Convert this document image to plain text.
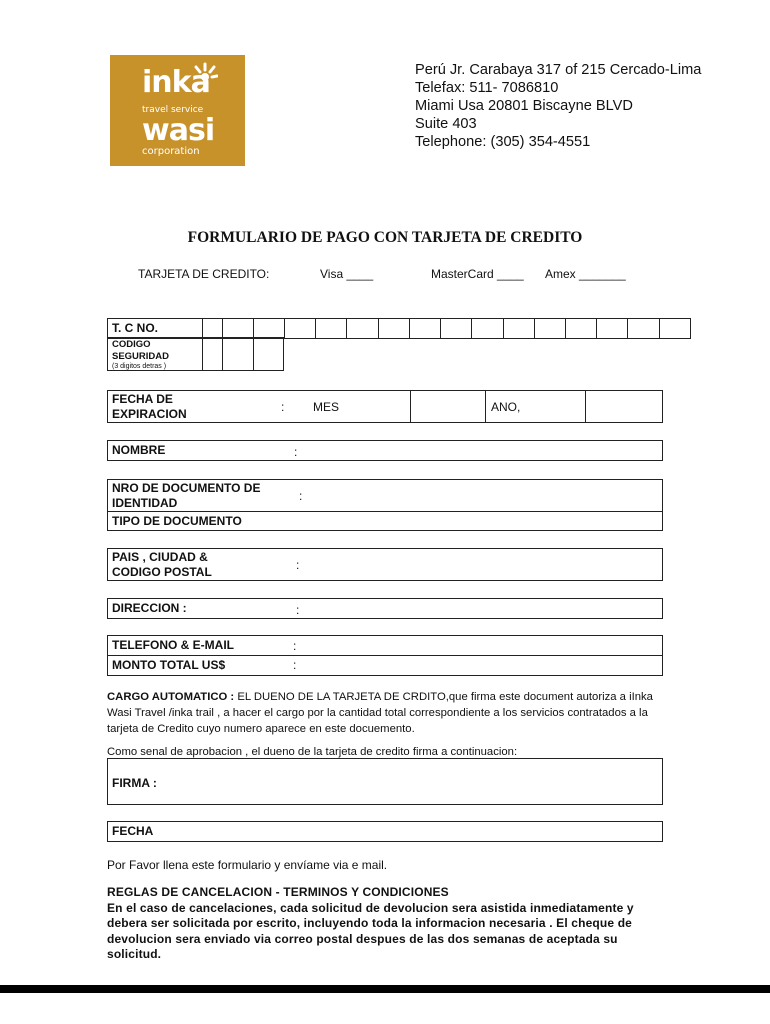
inka
travel service
wasi
corporation
Perú Jr. Carabaya 317 of 215 Cercado-Lima
Telefax: 511- 7086810
Miami Usa 20801 Biscayne BLVD
Suite 403
Telephone: (305) 354-4551
FORMULARIO DE PAGO CON TARJETA DE CREDITO
TARJETA DE CREDITO:	Visa ____	MasterCard ____ Amex _______
T. C NO.
CODIGO
SEGURIDAD
(3 digitos detras )
FECHA DE
EXPIRACION	: MES	ANO,
NOMBRE	:
NRO DE DOCUMENTO DE
IDENTIDAD	:
TIPO DE DOCUMENTO
PAIS , CIUDAD &
CODIGO POSTAL	:
DIRECCION :	:
TELEFONO & E-MAIL	:
MONTO TOTAL US$	:
CARGO AUTOMATICO : EL DUENO DE LA TARJETA DE CRDITO,que firma este document autoriza a iInka
Wasi Travel /inka trail , a hacer el cargo por la cantidad total correspondiente a los servicios contratados a la
tarjeta de Credito cuyo numero aparece en este docuemento.
Como senal de aprobacion , el dueno de la tarjeta de credito firma a continuacion:
FIRMA :
FECHA
Por Favor llena este formulario y envíame via e mail.
REGLAS DE CANCELACION - TERMINOS Y CONDICIONES
En el caso de cancelaciones, cada solicitud de devolucion sera asistida inmediatamente y
debera ser solicitada por escrito, incluyendo toda la informacion necesaria . El cheque de
devolucion sera enviado via correo postal despues de las dos semanas de aceptada su
solicitud.
